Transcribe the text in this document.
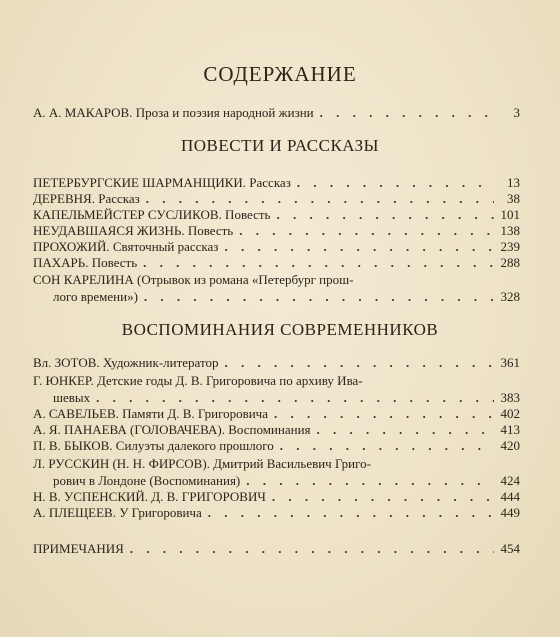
СОДЕРЖАНИЕ
А. А. МАКАРОВ. Проза и поэзия народной жизни . . .	3
ПОВЕСТИ И РАССКАЗЫ
ПЕТЕРБУРГСКИЕ ШАРМАНЩИКИ. Рассказ . . .	13
ДЕРЕВНЯ. Рассказ . . .	38
КАПЕЛЬМЕЙСТЕР СУСЛИКОВ. Повесть . . .	101
НЕУДАВШАЯСЯ ЖИЗНЬ. Повесть . . .	138
ПРОХОЖИЙ. Святочный рассказ . . .	239
ПАХАРЬ. Повесть . . .	288
СОН КАРЕЛИНА (Отрывок из романа «Петербург прош-
лого времени») . . .	328
ВОСПОМИНАНИЯ СОВРЕМЕННИКОВ
Вл. ЗОТОВ. Художник-литератор . . .	361
Г. ЮНКЕР. Детские годы Д. В. Григоровича по архиву Ива-
шевых . . .	383
А. САВЕЛЬЕВ. Памяти Д. В. Григоровича . . .	402
А. Я. ПАНАЕВА (ГОЛОВАЧЕВА). Воспоминания . . .	413
П. В. БЫКОВ. Силуэты далекого прошлого . . .	420
Л. РУССКИН (Н. Н. ФИРСОВ). Дмитрий Васильевич Григо-
рович в Лондоне (Воспоминания) . . .	424
Н. В. УСПЕНСКИЙ. Д. В. ГРИГОРОВИЧ . . .	444
А. ПЛЕЩЕЕВ. У Григоровича . . .	449
ПРИМЕЧАНИЯ . . .	454
